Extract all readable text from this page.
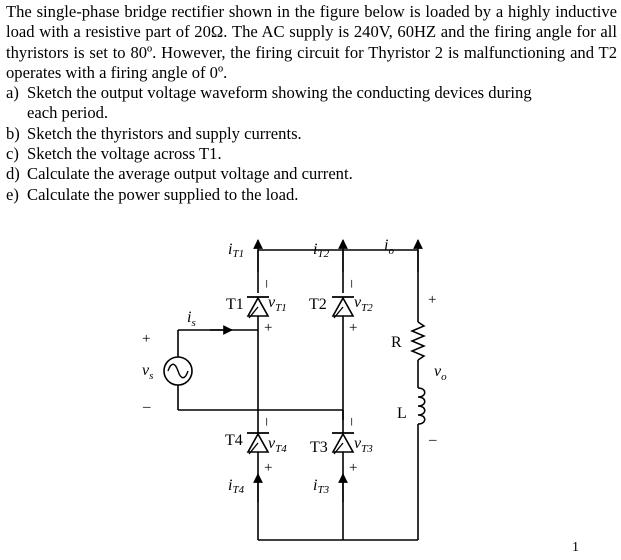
The single-phase bridge rectifier shown in the figure below is loaded by a highly inductive load with a resistive part of 20Ω. The AC supply is 240V, 60HZ and the firing angle for all thyristors is set to 80º. However, the firing circuit for Thyristor 2 is malfunctioning and T2 operates with a firing angle of 0º.

a) Sketch the output voltage waveform showing the conducting devices during
each period.
b) Sketch the thyristors and supply currents.
c) Sketch the voltage across T1.
d) Calculate the average output voltage and current.
e) Calculate the power supplied to the load.
iT1	iT2	$i_o$
T1	T2
T4	T3
$v_{T1}$	$v_{T2}$
$v_{T4}$	$v_{T3}$
$i_s$
$v_s$
R
L
$v_o$
iT4	iT3
+
–
+
–
–
+
–
+
–
+
–
+
1
